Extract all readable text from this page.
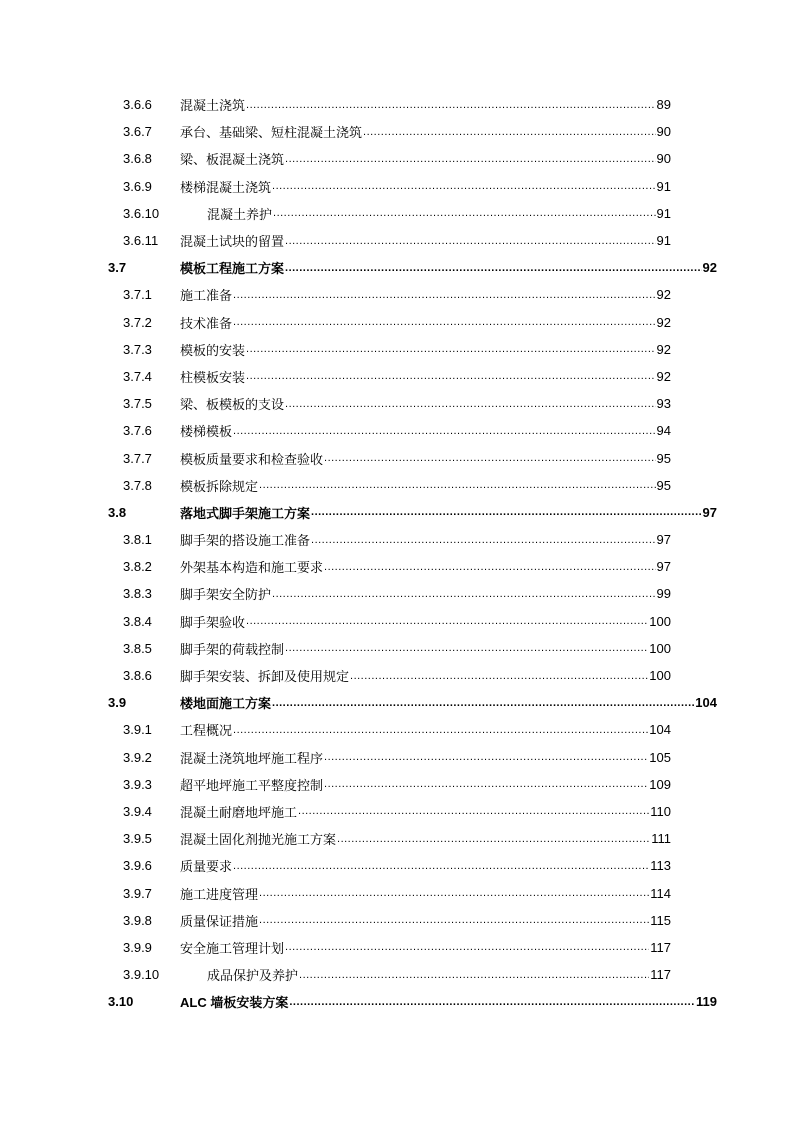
3.6.6	混凝土浇筑 .....	89
3.6.7	承台、基础梁、短柱混凝土浇筑 .....	90
3.6.8	梁、板混凝土浇筑 .....	90
3.6.9	楼梯混凝土浇筑 .....	91
3.6.10	混凝土养护 .....	91
3.6.11	混凝土试块的留置 .....	91
3.7	模板工程施工方案 .....	92
3.7.1	施工准备 .....	92
3.7.2	技术准备 .....	92
3.7.3	模板的安装 .....	92
3.7.4	柱模板安装 .....	92
3.7.5	梁、板模板的支设 .....	93
3.7.6	楼梯模板 .....	94
3.7.7	模板质量要求和检查验收 .....	95
3.7.8	模板拆除规定 .....	95
3.8	落地式脚手架施工方案 .....	97
3.8.1	脚手架的搭设施工准备 .....	97
3.8.2	外架基本构造和施工要求 .....	97
3.8.3	脚手架安全防护 .....	99
3.8.4	脚手架验收 .....	100
3.8.5	脚手架的荷载控制 .....	100
3.8.6	脚手架安装、拆卸及使用规定 .....	100
3.9	楼地面施工方案 .....	104
3.9.1	工程概况 .....	104
3.9.2	混凝土浇筑地坪施工程序 .....	105
3.9.3	超平地坪施工平整度控制 .....	109
3.9.4	混凝土耐磨地坪施工 .....	110
3.9.5	混凝土固化剂抛光施工方案 .....	111
3.9.6	质量要求 .....	113
3.9.7	施工进度管理 .....	114
3.9.8	质量保证措施 .....	115
3.9.9	安全施工管理计划 .....	117
3.9.10	成品保护及养护 .....	117
3.10	ALC 墙板安装方案 .....	119
